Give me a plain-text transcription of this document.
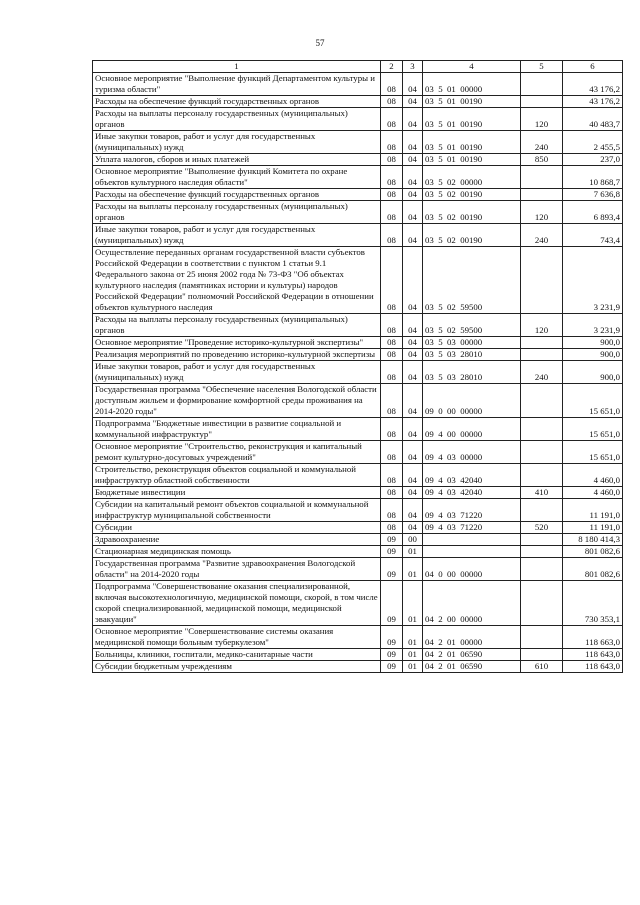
57
1	2	3	4	5	6
Основное мероприятие "Выполнение функций Департаментом культуры и туризма области"	08	04	03  5  01  00000		43 176,2
Расходы на обеспечение функций государственных органов	08	04	03  5  01  00190		43 176,2
Расходы на выплаты персоналу государственных (муниципальных) органов	08	04	03  5  01  00190	120	40 483,7
Иные закупки товаров, работ и услуг для государственных (муниципальных) нужд	08	04	03  5  01  00190	240	2 455,5
Уплата налогов, сборов и иных платежей	08	04	03  5  01  00190	850	237,0
Основное мероприятие "Выполнение функций Комитета по охране объектов культурного наследия области"	08	04	03  5  02  00000		10 868,7
Расходы на обеспечение функций государственных органов	08	04	03  5  02  00190		7 636,8
Расходы на выплаты персоналу государственных (муниципальных) органов	08	04	03  5  02  00190	120	6 893,4
Иные закупки товаров, работ и услуг для государственных (муниципальных) нужд	08	04	03  5  02  00190	240	743,4
Осуществление переданных органам государственной власти субъектов Российской Федерации в соответствии с пунктом 1 статьи 9.1 Федерального закона от 25 июня 2002 года № 73-ФЗ "Об объектах культурного наследия (памятниках истории и культуры) народов Российской Федерации" полномочий Российской Федерации в отношении объектов культурного наследия	08	04	03  5  02  59500		3 231,9
Расходы на выплаты персоналу государственных (муниципальных) органов	08	04	03  5  02  59500	120	3 231,9
Основное мероприятие "Проведение историко-культурной экспертизы"	08	04	03  5  03  00000		900,0
Реализация мероприятий по проведению историко-культурной экспертизы	08	04	03  5  03  28010		900,0
Иные закупки товаров, работ и услуг для государственных (муниципальных) нужд	08	04	03  5  03  28010	240	900,0
Государственная программа "Обеспечение населения Вологодской области доступным жильем и формирование комфортной среды проживания на 2014-2020 годы"	08	04	09  0  00  00000		15 651,0
Подпрограмма "Бюджетные инвестиции в развитие социальной и коммунальной инфраструктур"	08	04	09  4  00  00000		15 651,0
Основное мероприятие "Строительство, реконструкция и капитальный ремонт культурно-досуговых учреждений"	08	04	09  4  03  00000		15 651,0
Строительство, реконструкция объектов социальной и коммунальной инфраструктур областной собственности	08	04	09  4  03  42040		4 460,0
Бюджетные инвестиции	08	04	09  4  03  42040	410	4 460,0
Субсидии на капитальный ремонт объектов социальной и коммунальной инфраструктур муниципальной собственности	08	04	09  4  03  71220		11 191,0
Субсидии	08	04	09  4  03  71220	520	11 191,0
Здравоохранение	09	00			8 180 414,3
Стационарная медицинская помощь	09	01			801 082,6
Государственная программа "Развитие здравоохранения Вологодской области" на 2014-2020 годы	09	01	04  0  00  00000		801 082,6
Подпрограмма "Совершенствование оказания специализированной, включая высокотехнологичную, медицинской помощи, скорой, в том числе скорой специализированной, медицинской помощи, медицинской эвакуации"	09	01	04  2  00  00000		730 353,1
Основное мероприятие "Совершенствование системы оказания медицинской помощи больным туберкулезом"	09	01	04  2  01  00000		118 663,0
Больницы, клиники, госпитали, медико-санитарные части	09	01	04  2  01  06590		118 643,0
Субсидии бюджетным учреждениям	09	01	04  2  01  06590	610	118 643,0
